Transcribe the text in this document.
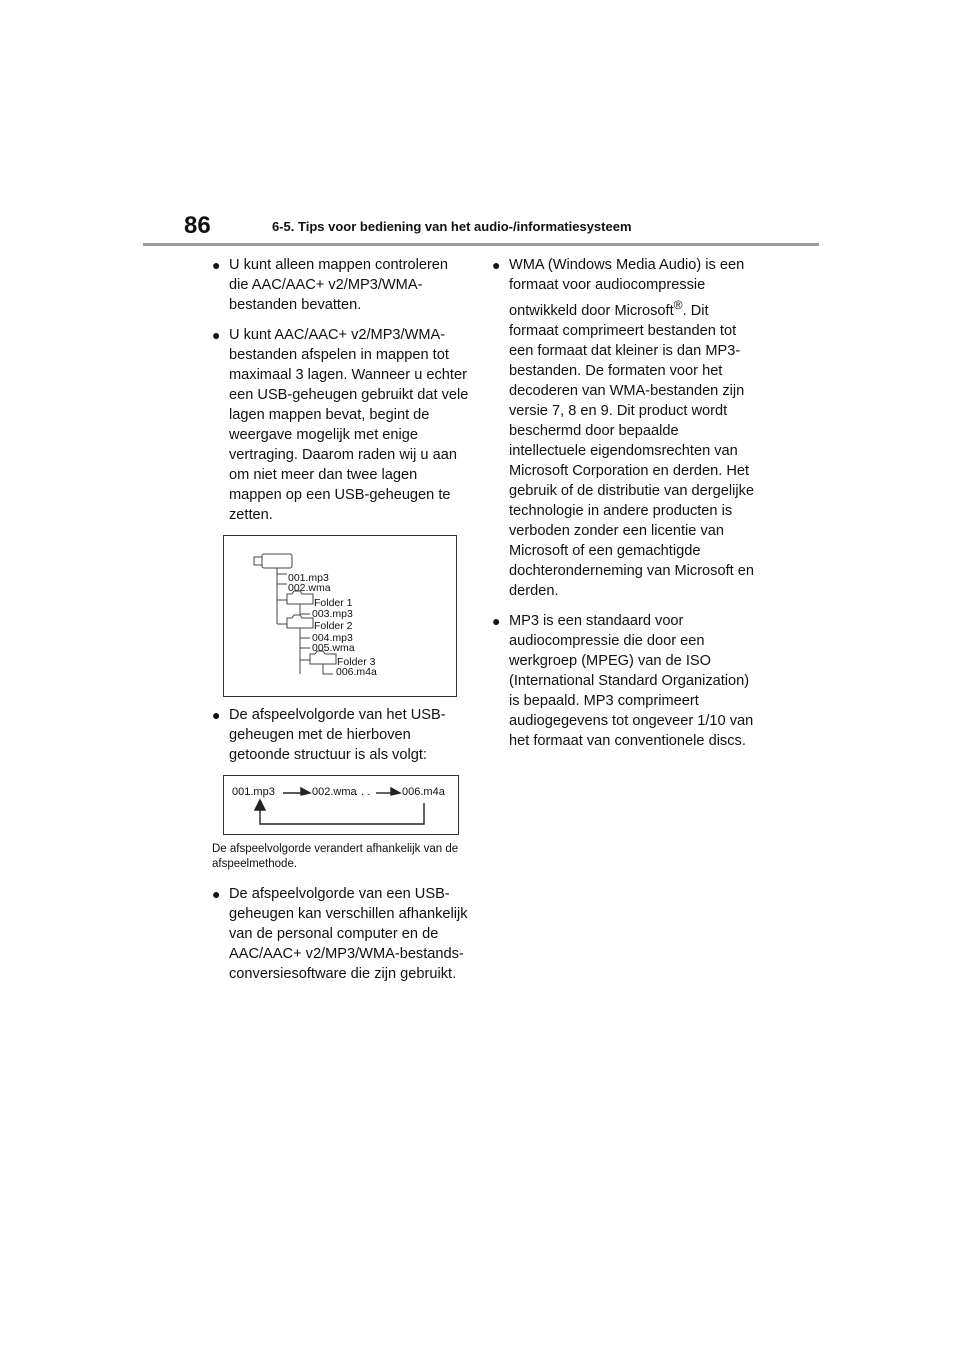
86	6-5. Tips voor bediening van het audio-/informatiesysteem
● U kunt alleen mappen controleren die AAC/AAC+ v2/MP3/WMA-bestanden bevatten.

● U kunt AAC/AAC+ v2/MP3/WMA-bestanden afspelen in mappen tot maximaal 3 lagen. Wanneer u echter een USB-geheugen gebruikt dat vele lagen mappen bevat, begint de weergave mogelijk met enige vertraging. Daarom raden wij u aan om niet meer dan twee lagen mappen op een USB-geheugen te zetten.

001.mp3
002.wma
Folder 1
003.mp3
Folder 2
004.mp3
005.wma
Folder 3
006.m4a
● De afspeelvolgorde van het USB-geheugen met de hierboven getoonde structuur is als volgt:

001.mp3	002.wma
. . .	006.m4a

De afspeelvolgorde verandert afhankelijk van de afspeelmethode.

● De afspeelvolgorde van een USB-geheugen kan verschillen afhankelijk van de personal computer en de AAC/AAC+ v2/MP3/WMA-bestands-conversiesoftware die zijn gebruikt.

● WMA (Windows Media Audio) is een formaat voor audiocompressie ontwikkeld door Microsoft®. Dit formaat comprimeert bestanden tot een formaat dat kleiner is dan MP3-bestanden. De formaten voor het decoderen van WMA-bestanden zijn versie 7, 8 en 9. Dit product wordt beschermd door bepaalde intellectuele eigendomsrechten van Microsoft Corporation en derden. Het gebruik of de distributie van dergelijke technologie in andere producten is verboden zonder een licentie van Microsoft of een gemachtigde dochteronderneming van Microsoft en derden.

● MP3 is een standaard voor audiocompressie die door een werkgroep (MPEG) van de ISO (International Standard Organization) is bepaald. MP3 comprimeert audiogegevens tot ongeveer 1/10 van het formaat van conventionele discs.
